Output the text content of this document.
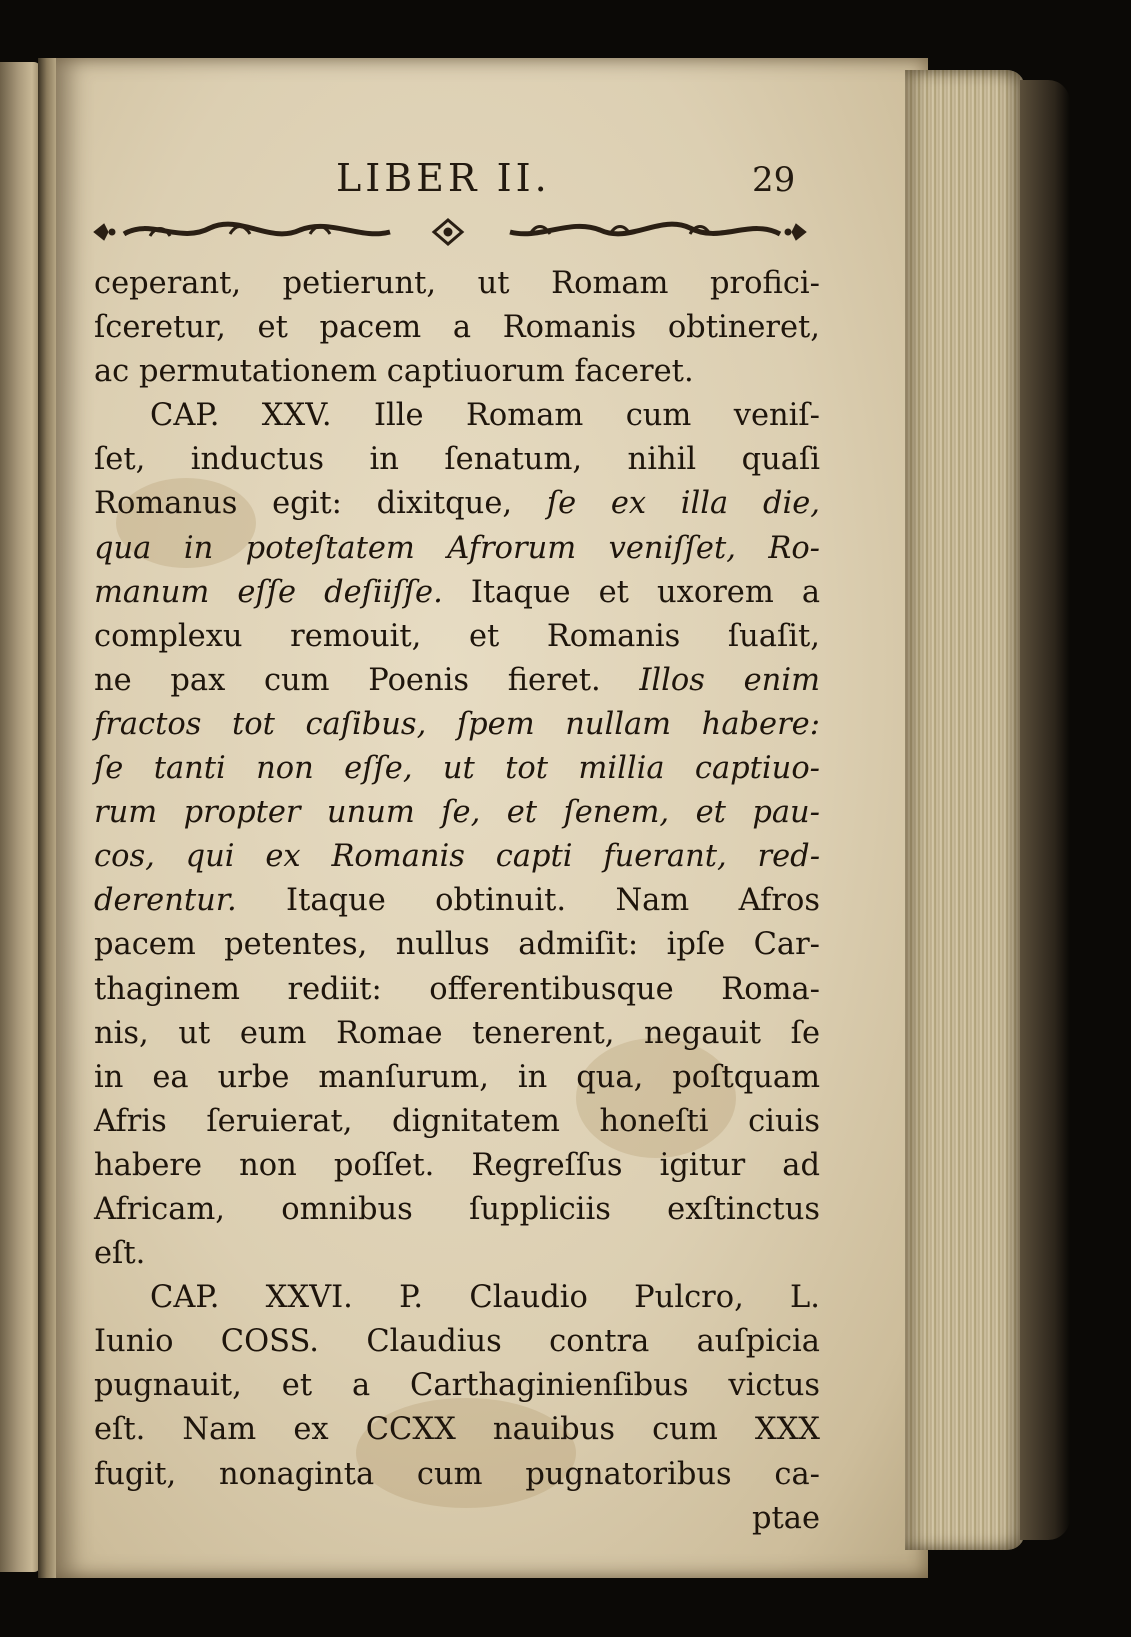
LIBER II.	29
ceperant, petierunt, ut Romam profici-
ſceretur, et pacem a Romanis obtineret,
ac permutationem captiuorum faceret.
CAP. XXV. Ille Romam cum veniſ-
ſet, inductus in ſenatum, nihil quaſi
Romanus egit: dixitque, ſe ex illa die,
qua in poteſtatem Afrorum veniſſet, Ro-
manum eſſe deſiiſſe. Itaque et uxorem a
complexu remouit, et Romanis ſuaſit,
ne pax cum Poenis fieret. Illos enim
fractos tot caſibus, ſpem nullam habere:
ſe tanti non eſſe, ut tot millia captiuo-
rum propter unum ſe, et ſenem, et pau-
cos, qui ex Romanis capti fuerant, red-
derentur. Itaque obtinuit. Nam Afros
pacem petentes, nullus admiſit: ipſe Car-
thaginem rediit: offerentibusque Roma-
nis, ut eum Romae tenerent, negauit ſe
in ea urbe manſurum, in qua, poſtquam
Afris ſeruierat, dignitatem honeſti ciuis
habere non poſſet. Regreſſus igitur ad
Africam, omnibus ſuppliciis exſtinctus
eſt.
CAP. XXVI. P. Claudio Pulcro, L.
Iunio COSS. Claudius contra auſpicia
pugnauit, et a Carthaginienſibus victus
eſt. Nam ex CCXX nauibus cum XXX
fugit, nonaginta cum pugnatoribus ca-
ptae
